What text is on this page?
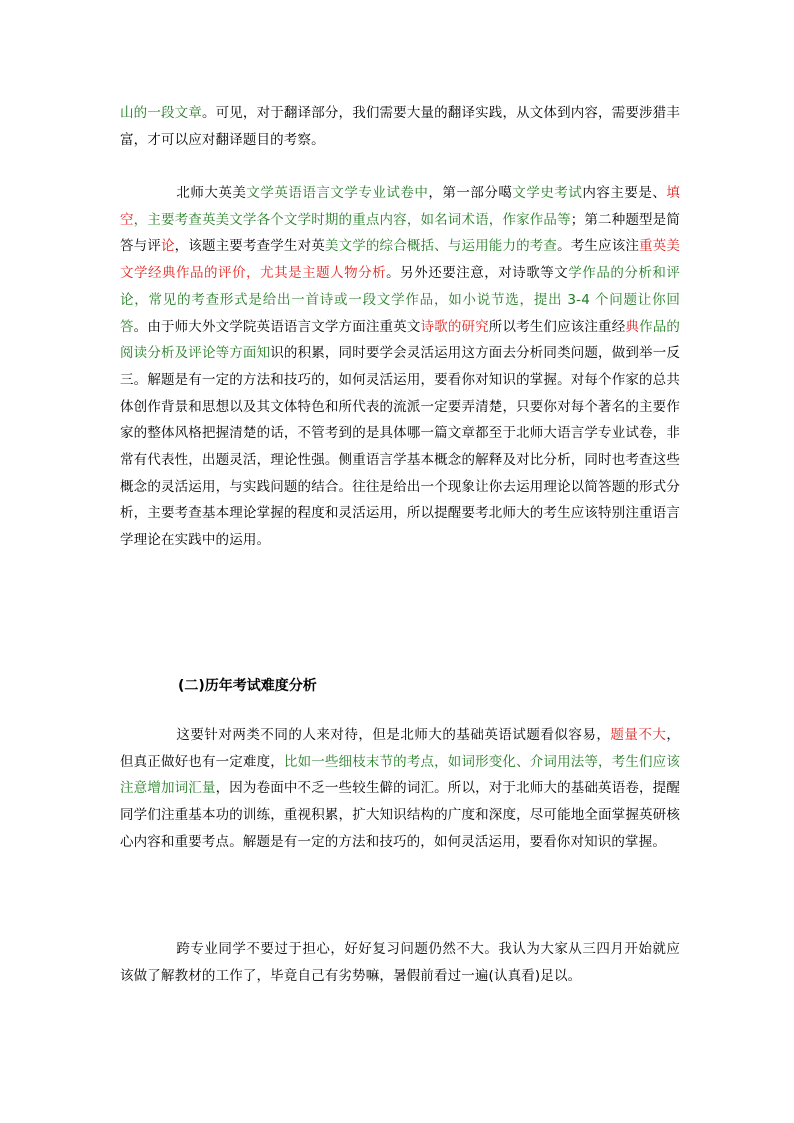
山的一段文章。可见，对于翻译部分，我们需要大量的翻译实践，从文体到内容，需要涉猎丰富，才可以应对翻译题目的考察。

北师大英美文学英语语言文学专业试卷中，第一部分噶文学史考试内容主要是、填空，主要考查英美文学各个文学时期的重点内容，如名词术语，作家作品等；第二种题型是简答与评论，该题主要考查学生对英美文学的综合概括、与运用能力的考查。考生应该注重英美文学经典作品的评价，尤其是主题人物分析。另外还要注意，对诗歌等文学作品的分析和评论，常见的考查形式是给出一首诗或一段文学作品，如小说节选，提出 3-4 个问题让你回答。由于师大外文学院英语语言文学方面注重英文诗歌的研究所以考生们应该注重经典作品的阅读分析及评论等方面知识的积累，同时要学会灵活运用这方面去分析同类问题，做到举一反三。解题是有一定的方法和技巧的，如何灵活运用，要看你对知识的掌握。对每个作家的总共体创作背景和思想以及其文体特色和所代表的流派一定要弄清楚，只要你对每个著名的主要作家的整体风格把握清楚的话，不管考到的是具体哪一篇文章都至于北师大语言学专业试卷，非常有代表性，出题灵活，理论性强。侧重语言学基本概念的解释及对比分析，同时也考查这些概念的灵活运用，与实践问题的结合。往往是给出一个现象让你去运用理论以简答题的形式分析，主要考查基本理论掌握的程度和灵活运用，所以提醒要考北师大的考生应该特别注重语言学理论在实践中的运用。

(二)历年考试难度分析

这要针对两类不同的人来对待，但是北师大的基础英语试题看似容易，题量不大，但真正做好也有一定难度，比如一些细枝末节的考点，如词形变化、介词用法等，考生们应该注意增加词汇量，因为卷面中不乏一些较生僻的词汇。所以，对于北师大的基础英语卷，提醒同学们注重基本功的训练，重视积累，扩大知识结构的广度和深度，尽可能地全面掌握英研核心内容和重要考点。解题是有一定的方法和技巧的，如何灵活运用，要看你对知识的掌握。

跨专业同学不要过于担心，好好复习问题仍然不大。我认为大家从三四月开始就应该做了解教材的工作了，毕竟自己有劣势嘛，暑假前看过一遍(认真看)足以。
